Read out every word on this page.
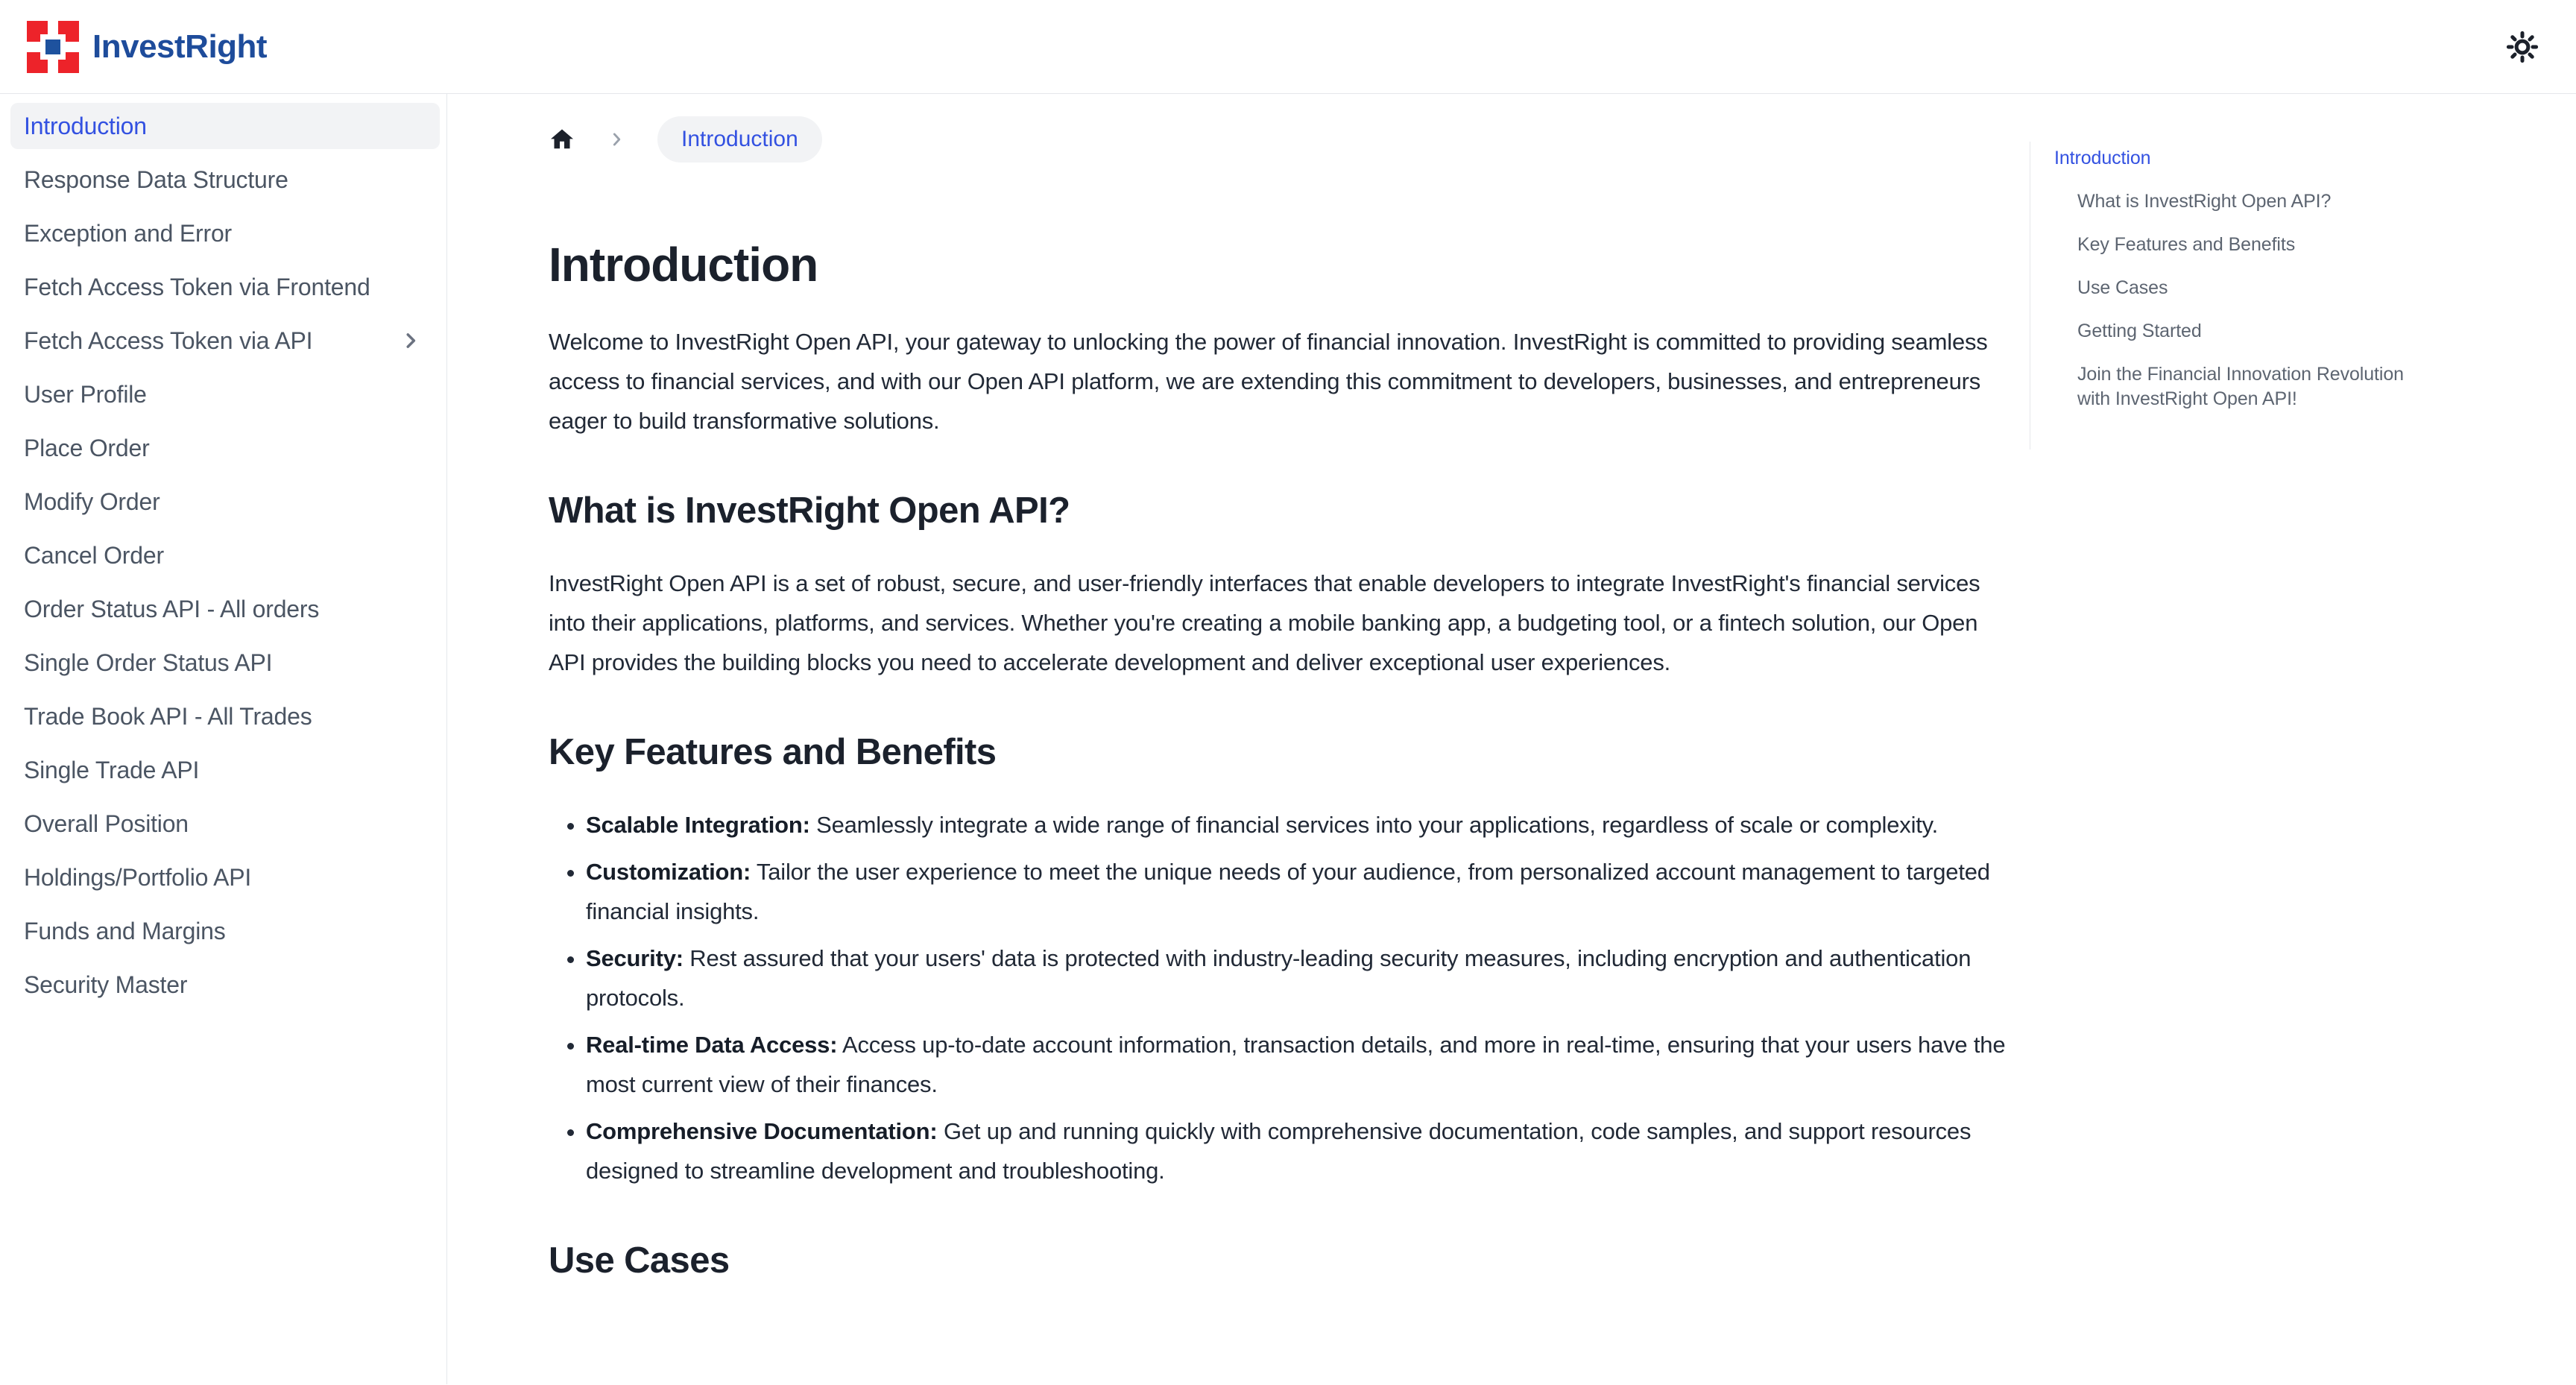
InvestRight
Introduction
Response Data Structure
Exception and Error
Fetch Access Token via Frontend
Fetch Access Token via API
User Profile
Place Order
Modify Order
Cancel Order
Order Status API - All orders
Single Order Status API
Trade Book API - All Trades
Single Trade API
Overall Position
Holdings/Portfolio API
Funds and Margins
Security Master
Introduction
Introduction

Welcome to InvestRight Open API, your gateway to unlocking the power of financial innovation. InvestRight is committed to providing seamless access to financial services, and with our Open API platform, we are extending this commitment to developers, businesses, and entrepreneurs eager to build transformative solutions.

What is InvestRight Open API?

InvestRight Open API is a set of robust, secure, and user-friendly interfaces that enable developers to integrate InvestRight's financial services into their applications, platforms, and services. Whether you're creating a mobile banking app, a budgeting tool, or a fintech solution, our Open API provides the building blocks you need to accelerate development and deliver exceptional user experiences.

Key Features and Benefits
• Scalable Integration: Seamlessly integrate a wide range of financial services into your applications, regardless of scale or complexity.
• Customization: Tailor the user experience to meet the unique needs of your audience, from personalized account management to targeted financial insights.
• Security: Rest assured that your users' data is protected with industry-leading security measures, including encryption and authentication protocols.
• Real-time Data Access: Access up-to-date account information, transaction details, and more in real-time, ensuring that your users have the most current view of their finances.
• Comprehensive Documentation: Get up and running quickly with comprehensive documentation, code samples, and support resources designed to streamline development and troubleshooting.
Use Cases
Introduction
What is InvestRight Open API?
Key Features and Benefits
Use Cases
Getting Started
Join the Financial Innovation Revolution with InvestRight Open API!
